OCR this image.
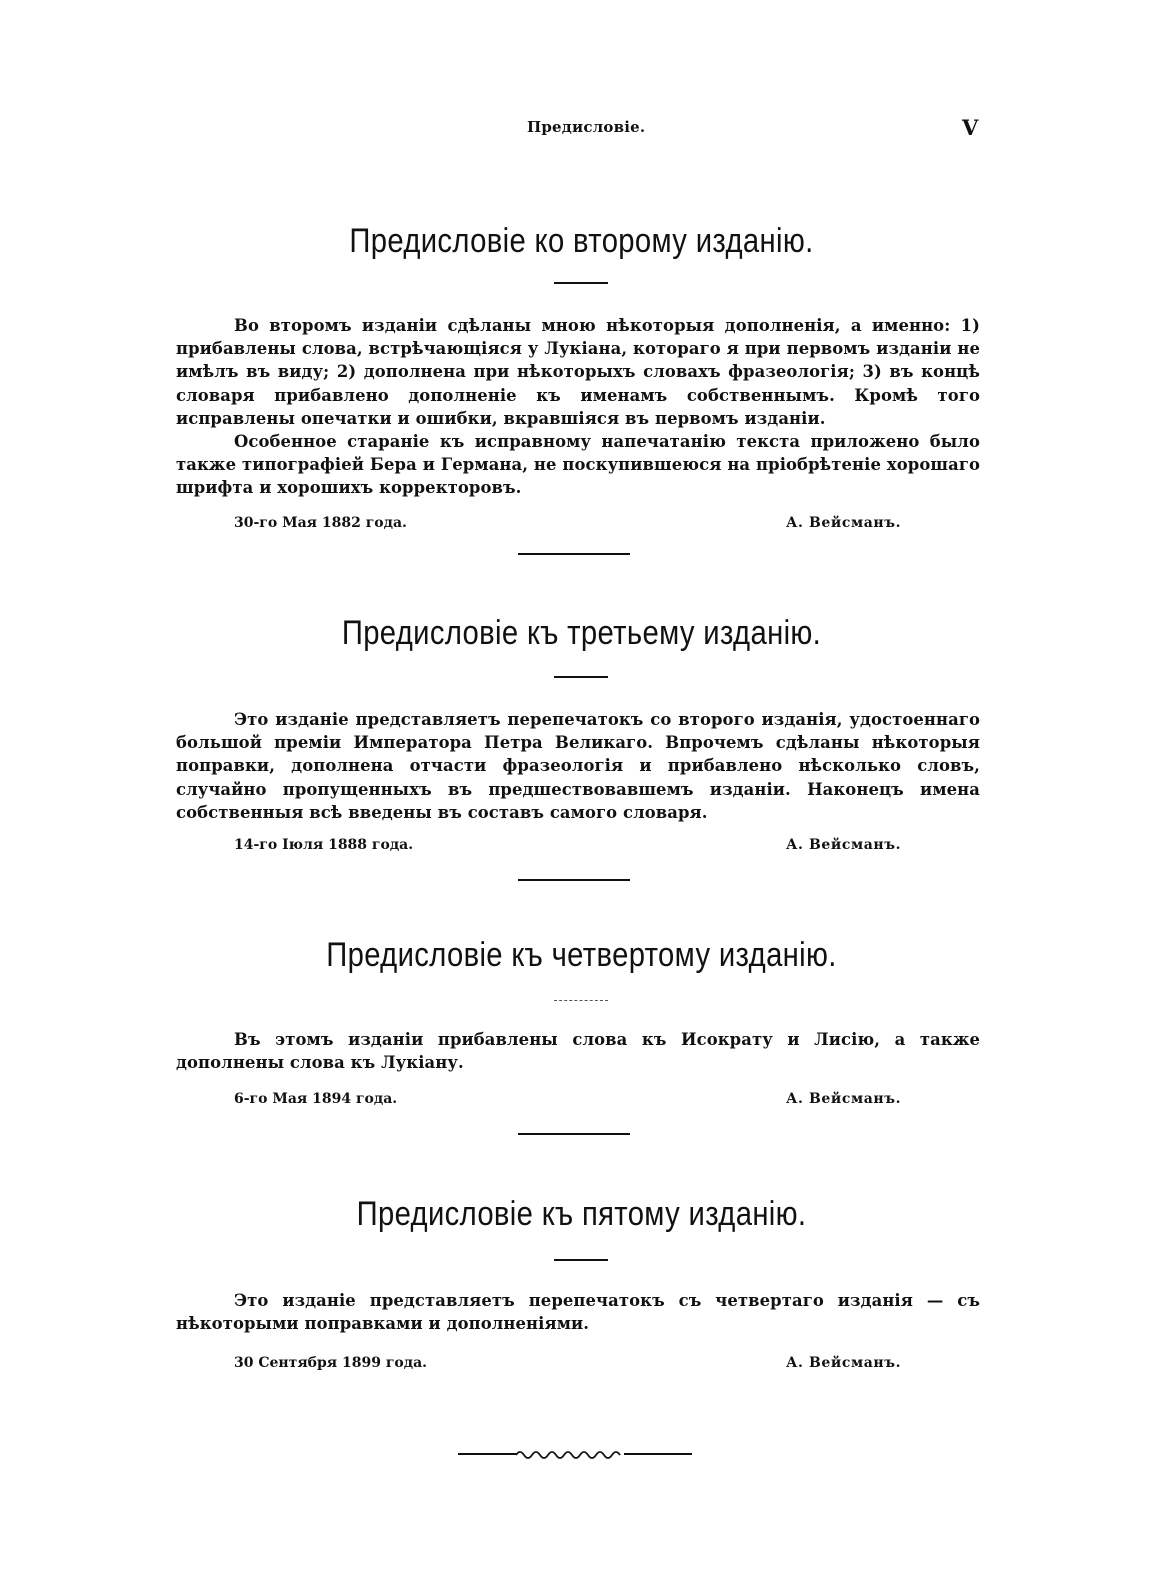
Предисловіе.	V
Предисловіе ко второму изданію.

Во второмъ изданіи сдѣланы мною нѣкоторыя дополненія, а именно: 1) прибавлены слова, встрѣчающіяся у Лукіана, котораго я при первомъ изданіи не имѣлъ въ виду; 2) дополнена при нѣкоторыхъ словахъ фразеологія; 3) въ концѣ словаря прибавлено дополненіе къ именамъ собственнымъ. Кромѣ того исправлены опечатки и ошибки, вкравшіяся въ первомъ изданіи.

Особенное стараніе къ исправному напечатанію текста приложено было также типографіей Бера и Германа, не поскупившеюся на пріобрѣтеніе хорошаго шрифта и хорошихъ корректоровъ.

30-го Мая 1882 года.	А. Вейсманъ.
Предисловіе къ третьему изданію.

Это изданіе представляетъ перепечатокъ со второго изданія, удостоеннаго большой преміи Императора Петра Великаго. Впрочемъ сдѣланы нѣкоторыя поправки, дополнена отчасти фразеологія и прибавлено нѣсколько словъ, случайно пропущенныхъ въ предшествовавшемъ изданіи. Наконецъ имена собственныя всѣ введены въ составъ самого словаря.

14-го Іюля 1888 года.	А. Вейсманъ.
Предисловіе къ четвертому изданію.

Въ этомъ изданіи прибавлены слова къ Исократу и Лисію, а также дополнены слова къ Лукіану.

6-го Мая 1894 года.	А. Вейсманъ.
Предисловіе къ пятому изданію.

Это изданіе представляетъ перепечатокъ съ четвертаго изданія — съ нѣкоторыми поправками и дополненіями.

30 Сентября 1899 года.	А. Вейсманъ.
